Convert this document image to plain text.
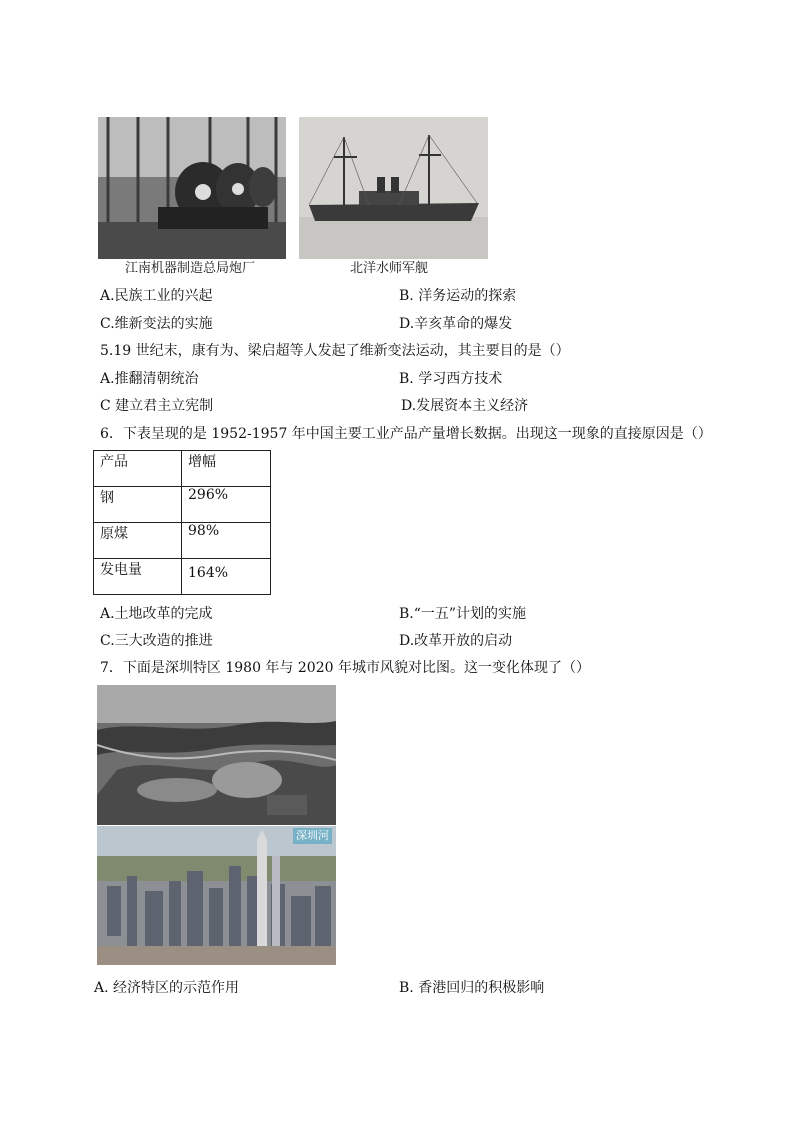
江南机器制造总局炮厂	北洋水师军舰
A.民族工业的兴起	B. 洋务运动的探索
C.维新变法的实施	D.辛亥革命的爆发
5.19 世纪末，康有为、梁启超等人发起了维新变法运动，其主要目的是（）
A.推翻清朝统治	B. 学习西方技术
C 建立君主立宪制	D.发展资本主义经济
6．下表呈现的是 1952-1957 年中国主要工业产品产量增长数据。出现这一现象的直接原因是（）
产品	增幅
钢	296%
原煤	98%
发电量	164%
A.土地改革的完成	B.“一五”计划的实施
C.三大改造的推进	D.改革开放的启动
7．下面是深圳特区 1980 年与 2020 年城市风貌对比图。这一变化体现了（）
深圳河
A. 经济特区的示范作用	B. 香港回归的积极影响
